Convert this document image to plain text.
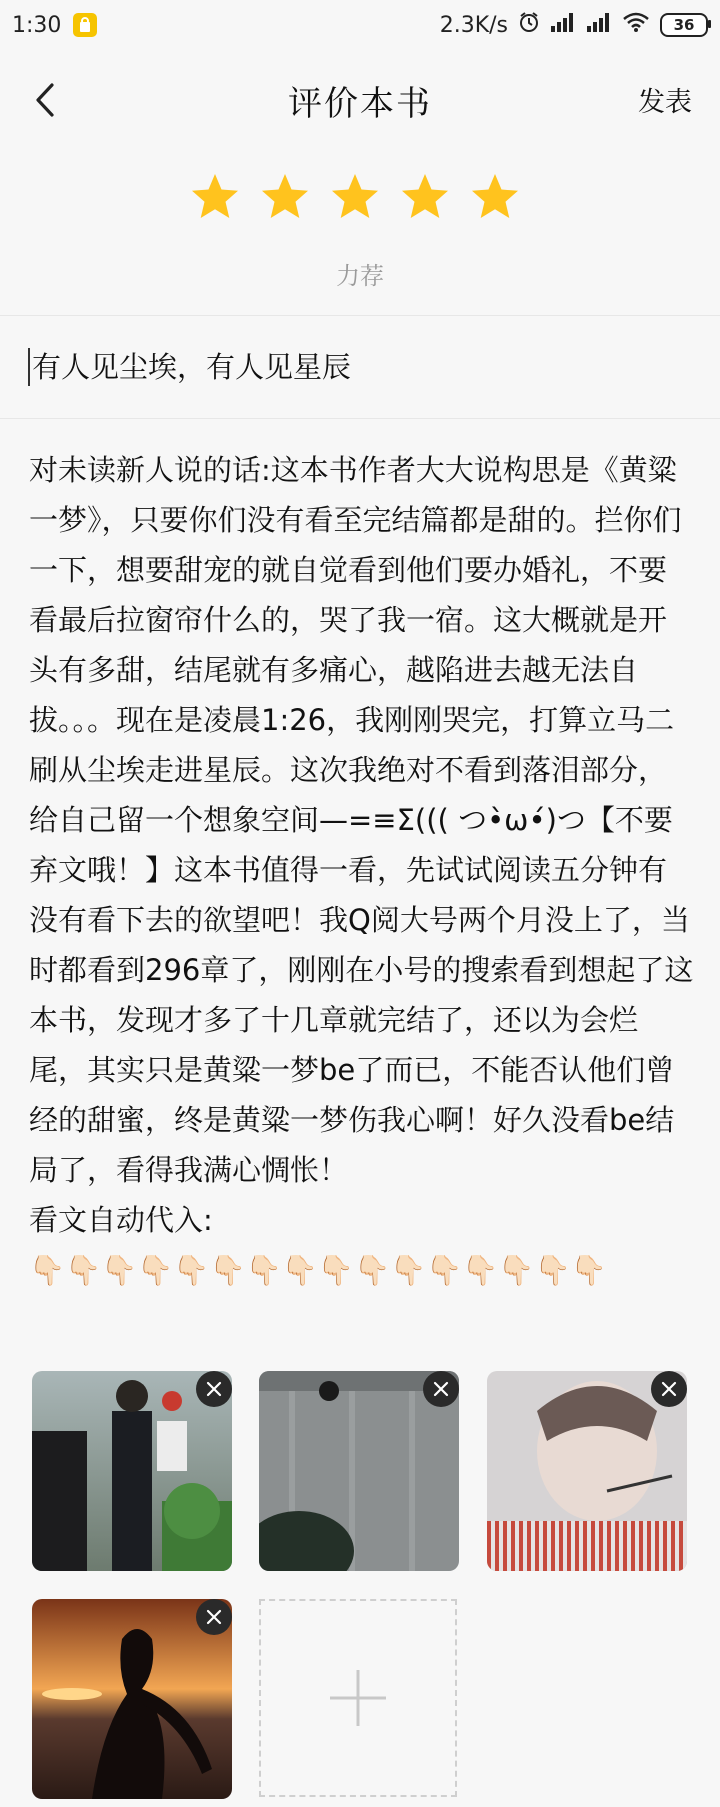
1:30	2.3K/s	36
评价本书	发表
力荐
有人见尘埃，有人见星辰
对未读新人说的话:这本书作者大大说构思是《黄粱一梦》，只要你们没有看至完结篇都是甜的。拦你们一下，想要甜宠的就自觉看到他们要办婚礼，不要看最后拉窗帘什么的，哭了我一宿。这大概就是开头有多甜，结尾就有多痛心，越陷进去越无法自拔。。。现在是凌晨1:26，我刚刚哭完，打算立马二刷从尘埃走进星辰。这次我绝对不看到落泪部分，给自己留一个想象空间—=≡Σ((( つ•̀ω•́)つ【不要弃文哦！】这本书值得一看，先试试阅读五分钟有没有看下去的欲望吧！我Q阅大号两个月没上了，当时都看到296章了，刚刚在小号的搜索看到想起了这本书，发现才多了十几章就完结了，还以为会烂尾，其实只是黄粱一梦be了而已，不能否认他们曾经的甜蜜，终是黄粱一梦伤我心啊！好久没看be结局了，看得我满心惆怅！
看文自动代入:
👇🏻👇🏻👇🏻👇🏻👇🏻👇🏻👇🏻👇🏻👇🏻👇🏻👇🏻👇🏻👇🏻👇🏻👇🏻👇🏻
